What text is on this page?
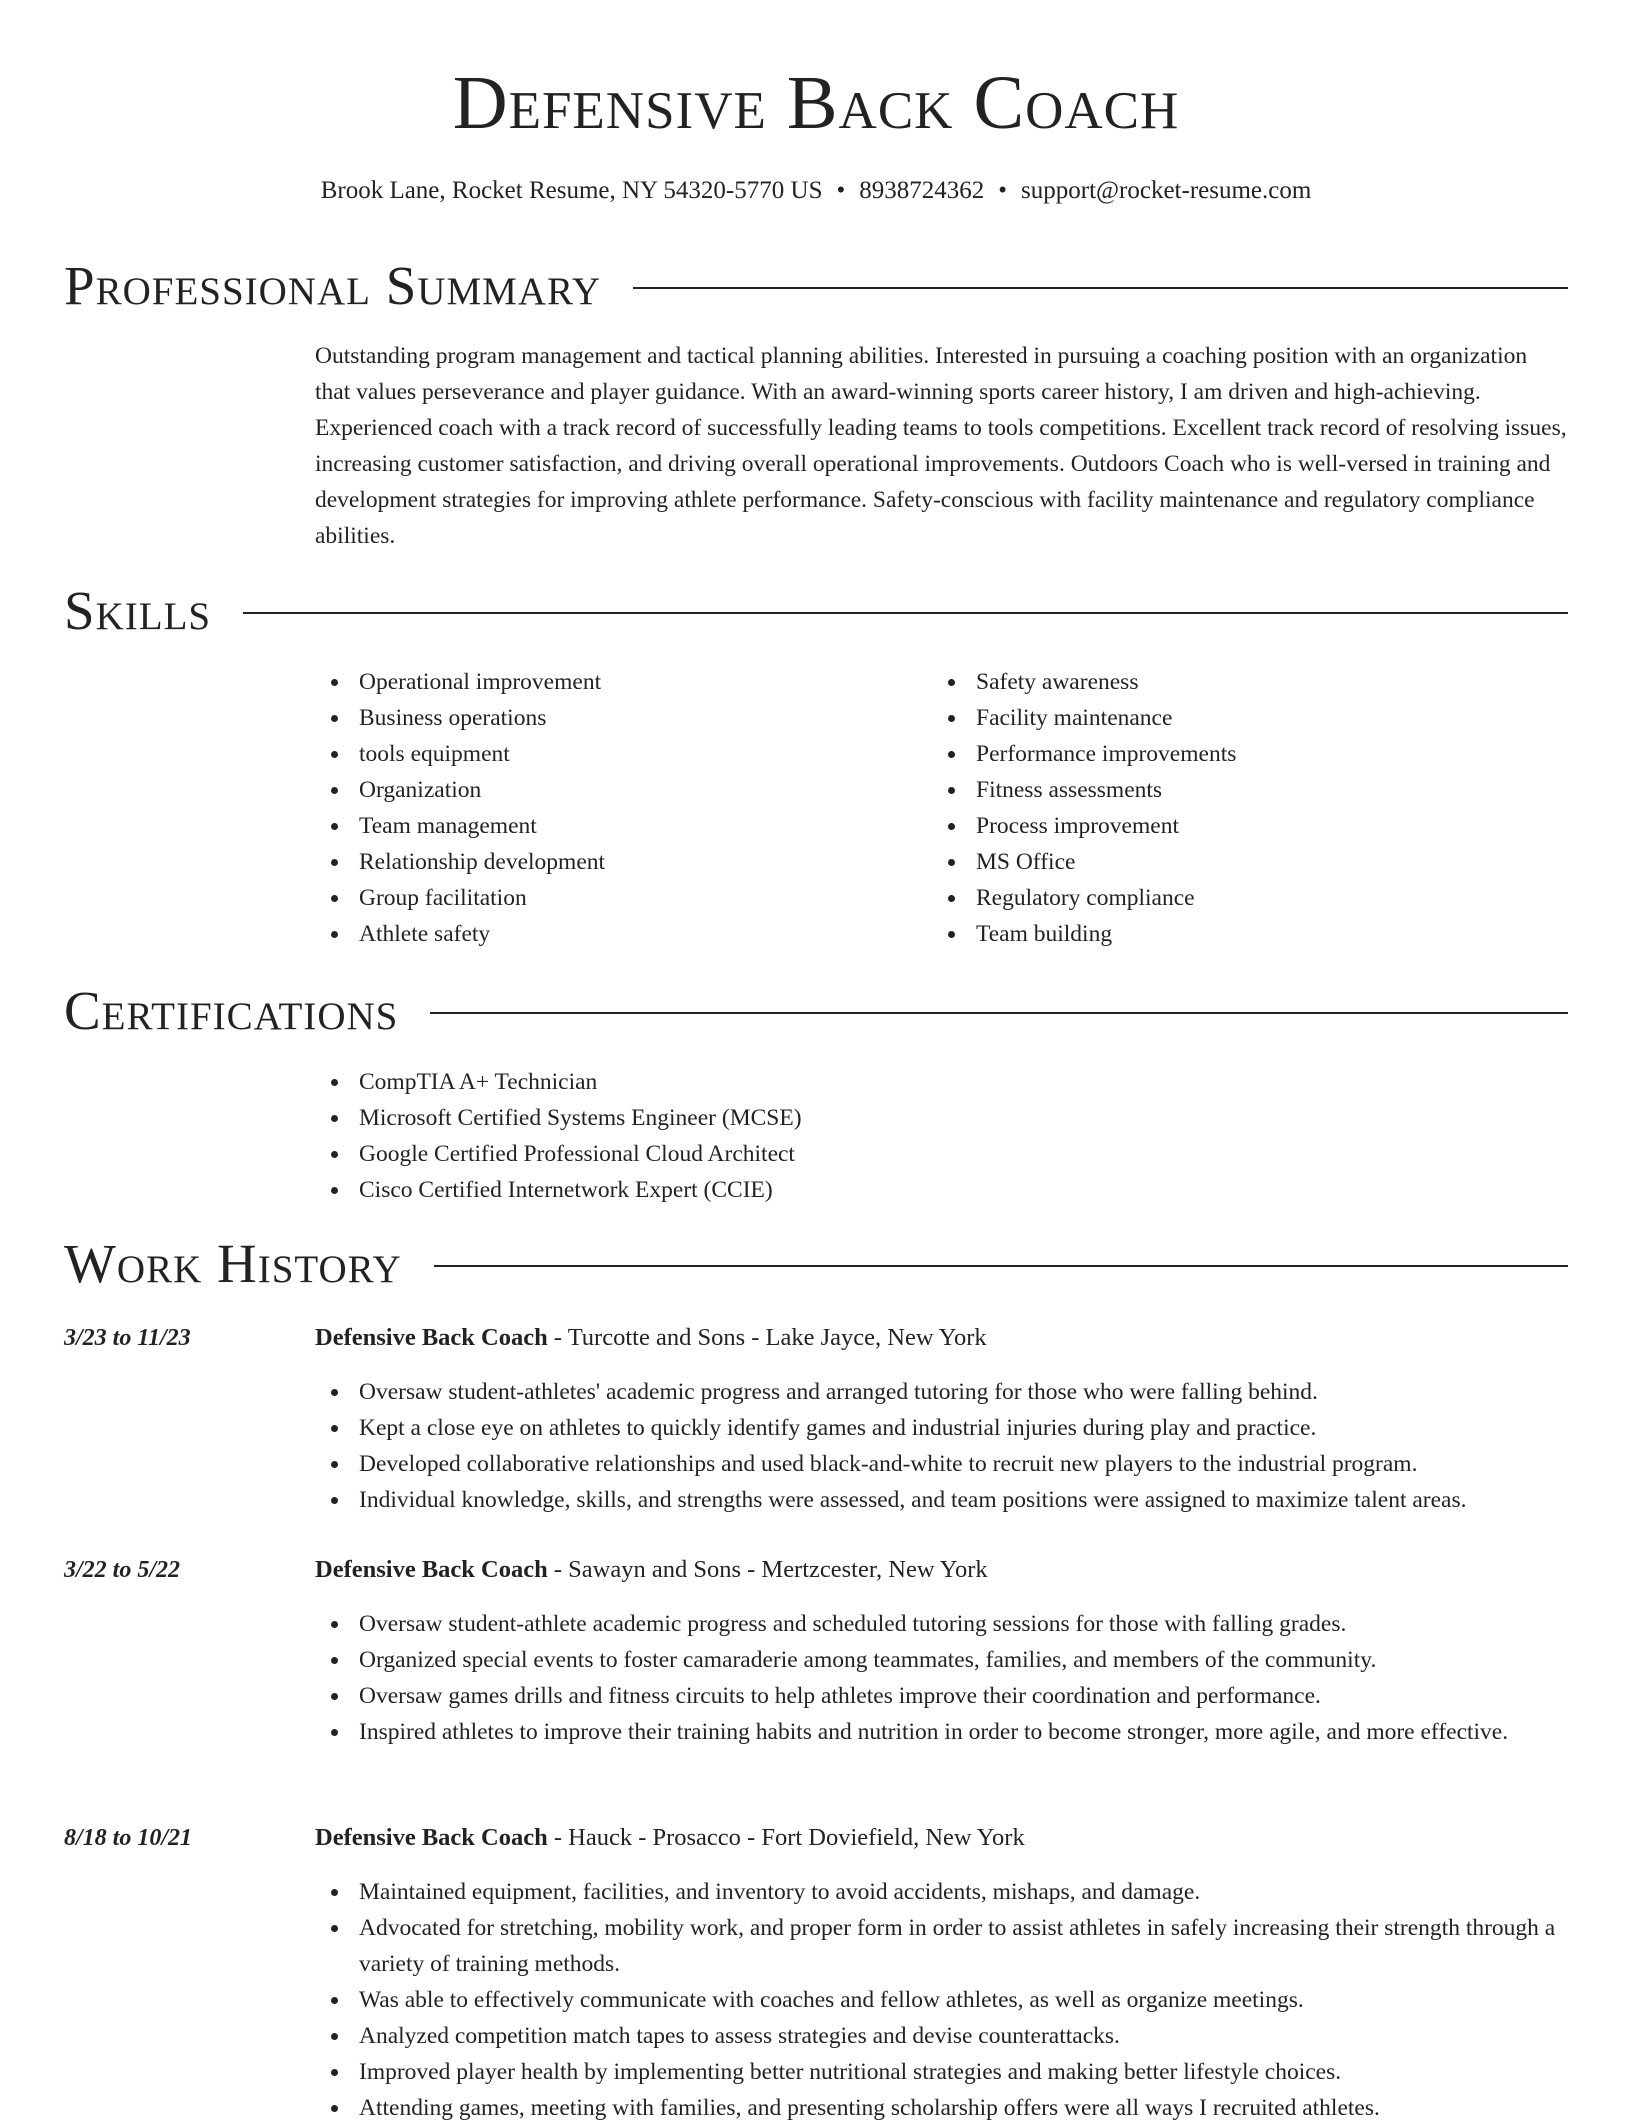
Defensive Back Coach
Brook Lane, Rocket Resume, NY 54320-5770 US • 8938724362 • support@rocket-resume.com
Professional Summary

Outstanding program management and tactical planning abilities. Interested in pursuing a coaching position with an organization that values perseverance and player guidance. With an award-winning sports career history, I am driven and high-achieving. Experienced coach with a track record of successfully leading teams to tools competitions. Excellent track record of resolving issues, increasing customer satisfaction, and driving overall operational improvements. Outdoors Coach who is well-versed in training and development strategies for improving athlete performance. Safety-conscious with facility maintenance and regulatory compliance abilities.

Skills
Operational improvement
Business operations
tools equipment
Organization
Team management
Relationship development
Group facilitation
Athlete safety
Safety awareness
Facility maintenance
Performance improvements
Fitness assessments
Process improvement
MS Office
Regulatory compliance
Team building
Certifications
CompTIA A+ Technician
Microsoft Certified Systems Engineer (MCSE)
Google Certified Professional Cloud Architect
Cisco Certified Internetwork Expert (CCIE)
Work History
3/23 to 11/23	Defensive Back Coach - Turcotte and Sons - Lake Jayce, New York
Oversaw student-athletes' academic progress and arranged tutoring for those who were falling behind.
Kept a close eye on athletes to quickly identify games and industrial injuries during play and practice.
Developed collaborative relationships and used black-and-white to recruit new players to the industrial program.
Individual knowledge, skills, and strengths were assessed, and team positions were assigned to maximize talent areas.
3/22 to 5/22	Defensive Back Coach - Sawayn and Sons - Mertzcester, New York
Oversaw student-athlete academic progress and scheduled tutoring sessions for those with falling grades.
Organized special events to foster camaraderie among teammates, families, and members of the community.
Oversaw games drills and fitness circuits to help athletes improve their coordination and performance.
Inspired athletes to improve their training habits and nutrition in order to become stronger, more agile, and more effective.
8/18 to 10/21	Defensive Back Coach - Hauck - Prosacco - Fort Doviefield, New York
Maintained equipment, facilities, and inventory to avoid accidents, mishaps, and damage.
Advocated for stretching, mobility work, and proper form in order to assist athletes in safely increasing their strength through a variety of training methods.
Was able to effectively communicate with coaches and fellow athletes, as well as organize meetings.
Analyzed competition match tapes to assess strategies and devise counterattacks.
Improved player health by implementing better nutritional strategies and making better lifestyle choices.
Attending games, meeting with families, and presenting scholarship offers were all ways I recruited athletes.
